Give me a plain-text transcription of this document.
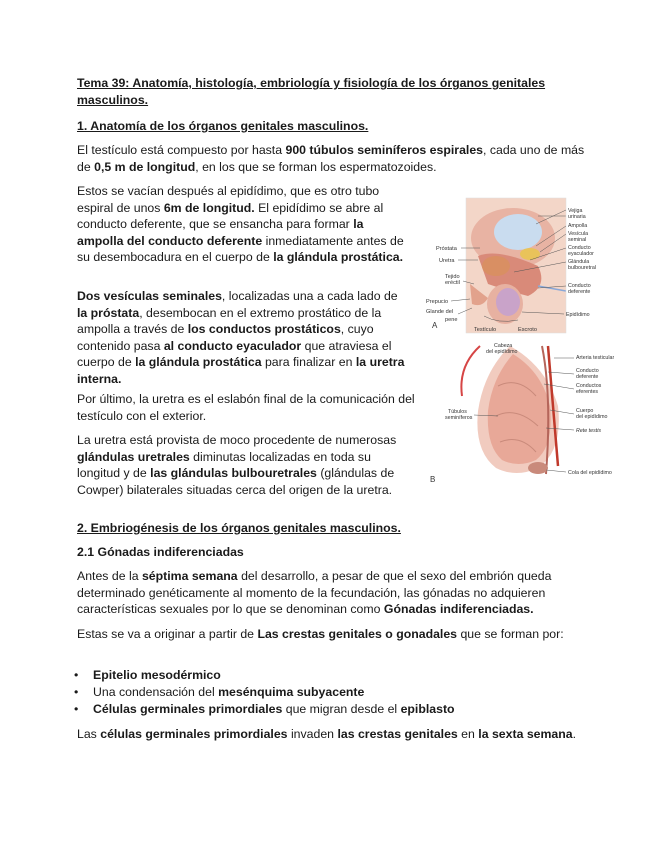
Tema 39: Anatomía, histología, embriología y fisiología de los órganos genitales masculinos.

1. Anatomía de los órganos genitales masculinos.

El testículo está compuesto por hasta 900 túbulos seminíferos espirales, cada uno de más de 0,5 m de longitud, en los que se forman los espermatozoides.

Estos se vacían después al epidídimo, que es otro tubo espiral de unos 6m de longitud. El epidídimo se abre al conducto deferente, que se ensancha para formar la ampolla del conducto deferente inmediatamente antes de su desembocadura en el cuerpo de la glándula prostática.

Dos vesículas seminales, localizadas una a cada lado de la próstata, desembocan en el extremo prostático de la ampolla a través de los conductos prostáticos, cuyo contenido pasa al conducto eyaculador que atraviesa el cuerpo de la glándula prostática para finalizar en la uretra interna.

Por último, la uretra es el eslabón final de la comunicación del testículo con el exterior.

La uretra está provista de moco procedente de numerosas glándulas uretrales diminutas localizadas en toda su longitud y de las glándulas bulbouretrales (glándulas de Cowper) bilaterales situadas cerca del origen de la uretra.

2. Embriogénesis de los órganos genitales masculinos.

2.1 Gónadas indiferenciadas

Antes de la séptima semana del desarrollo, a pesar de que el sexo del embrión queda determinado genéticamente al momento de la fecundación, las gónadas no adquieren características sexuales por lo que se denominan como Gónadas indiferenciadas.

Estas se va a originar a partir de Las crestas genitales o gonadales que se forman por:

•	Epitelio mesodérmico
•	Una condensación del mesénquima subyacente
•	Células germinales primordiales que migran desde el epiblasto

Las células germinales primordiales invaden las crestas genitales en la sexta semana.

Próstata
Uretra
Tejido
eréctil
Prepucio
Glande del
pene
Testículo	Escroto
A
Vejiga
urinaria
Ampolla
Vesícula
seminal
Conducto
eyaculador
Glándula
bulbouretral
Conducto
deferente
Epidídimo
Cabeza
del epidídimo
Arteria testicular
Conducto
deferente
Conductos
eferentes
Cuerpo
del epidídimo
Rete testis
Túbulos
seminíferos
Cola del epidídimo
B
